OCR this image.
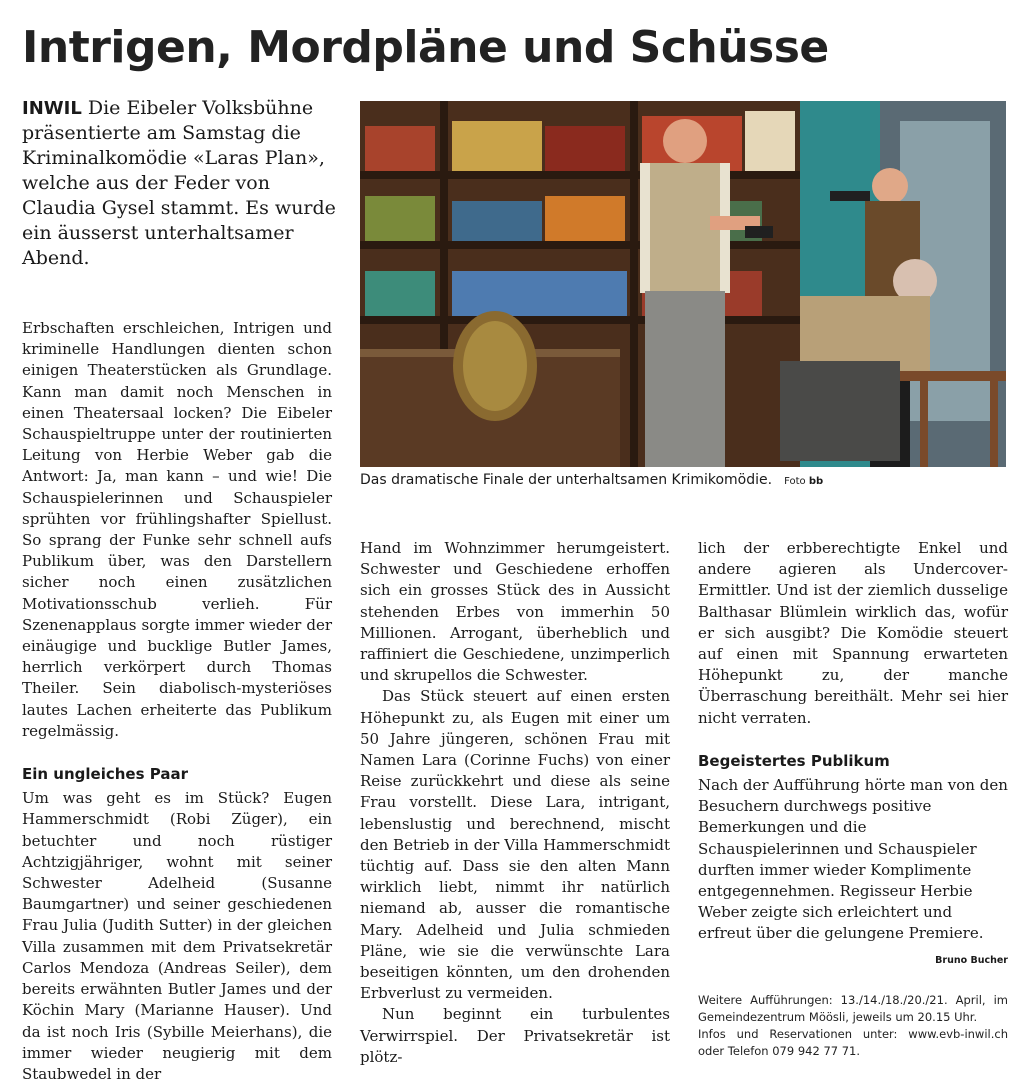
Intrigen, Mordpläne und Schüsse

INWIL Die Eibeler Volksbühne präsentierte am Samstag die Kriminalkomödie «Laras Plan», welche aus der Feder von Claudia Gysel stammt. Es wurde ein äusserst unterhaltsamer Abend.

Das dramatische Finale der unterhaltsamen Krimikomödie. Foto bb

Erbschaften erschleichen, Intrigen und kriminelle Handlungen dienten schon einigen Theaterstücken als Grundlage. Kann man damit noch Menschen in einen Theatersaal locken? Die Eibeler Schauspieltruppe unter der routinierten Leitung von Herbie Weber gab die Antwort: Ja, man kann – und wie! Die Schauspielerinnen und Schauspieler sprühten vor frühlingshafter Spiellust. So sprang der Funke sehr schnell aufs Publikum über, was den Darstellern sicher noch einen zusätzlichen Motivationsschub verlieh. Für Szenenapplaus sorgte immer wieder der einäugige und bucklige Butler James, herrlich verkörpert durch Thomas Theiler. Sein diabolisch-mysteriöses lautes Lachen erheiterte das Publikum regelmässig.

Ein ungleiches Paar

Um was geht es im Stück? Eugen Hammerschmidt (Robi Züger), ein betuchter und noch rüstiger Achtzigjähriger, wohnt mit seiner Schwester Adelheid (Susanne Baumgartner) und seiner geschiedenen Frau Julia (Judith Sutter) in der gleichen Villa zusammen mit dem Privatsekretär Carlos Mendoza (Andreas Seiler), dem bereits erwähnten Butler James und der Köchin Mary (Marianne Hauser). Und da ist noch Iris (Sybille Meierhans), die immer wieder neugierig mit dem Staubwedel in der

Hand im Wohnzimmer herumgeistert. Schwester und Geschiedene erhoffen sich ein grosses Stück des in Aussicht stehenden Erbes von immerhin 50 Millionen. Arrogant, überheblich und raffiniert die Geschiedene, unzimperlich und skrupellos die Schwester.

Das Stück steuert auf einen ersten Höhepunkt zu, als Eugen mit einer um 50 Jahre jüngeren, schönen Frau mit Namen Lara (Corinne Fuchs) von einer Reise zurückkehrt und diese als seine Frau vorstellt. Diese Lara, intrigant, lebenslustig und berechnend, mischt den Betrieb in der Villa Hammerschmidt tüchtig auf. Dass sie den alten Mann wirklich liebt, nimmt ihr natürlich niemand ab, ausser die romantische Mary. Adelheid und Julia schmieden Pläne, wie sie die verwünschte Lara beseitigen könnten, um den drohenden Erbverlust zu vermeiden.

Nun beginnt ein turbulentes Verwirrspiel. Der Privatsekretär ist plötz-

lich der erbberechtigte Enkel und andere agieren als Undercover-Ermittler. Und ist der ziemlich dusselige Balthasar Blümlein wirklich das, wofür er sich ausgibt? Die Komödie steuert auf einen mit Spannung erwarteten Höhepunkt zu, der manche Überraschung bereithält. Mehr sei hier nicht verraten.

Begeistertes Publikum

Nach der Aufführung hörte man von den Besuchern durchwegs positive Bemerkungen und die Schauspielerinnen und Schauspieler durften immer wieder Komplimente entgegennehmen. Regisseur Herbie Weber zeigte sich erleichtert und erfreut über die gelungene Premiere.
Bruno Bucher

Weitere Aufführungen: 13./14./18./20./21. April, im Gemeindezentrum Möösli, jeweils um 20.15 Uhr.
Infos und Reservationen unter: www.evb-inwil.ch oder Telefon 079 942 77 71.
